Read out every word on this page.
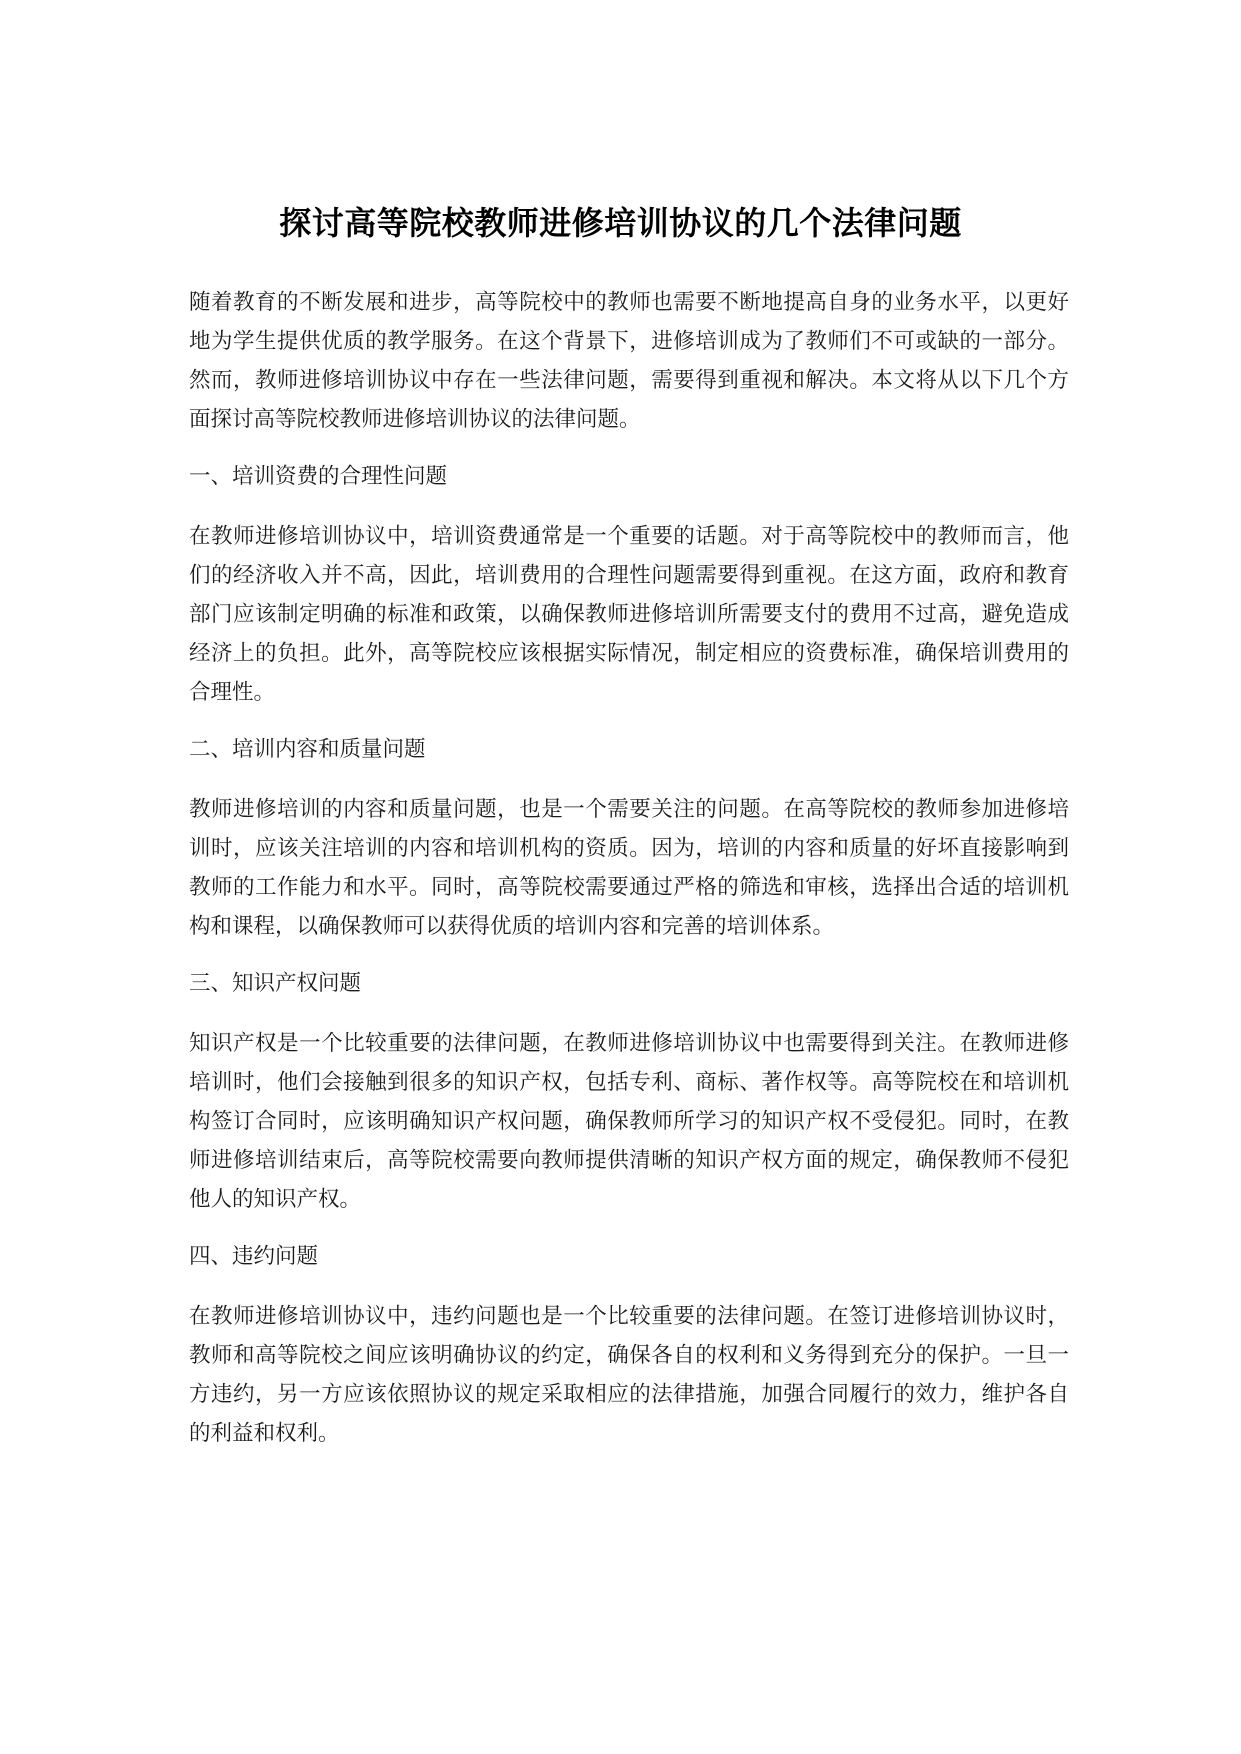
探讨高等院校教师进修培训协议的几个法律问题

随着教育的不断发展和进步，高等院校中的教师也需要不断地提高自身的业务水平，以更好地为学生提供优质的教学服务。在这个背景下，进修培训成为了教师们不可或缺的一部分。然而，教师进修培训协议中存在一些法律问题，需要得到重视和解决。本文将从以下几个方面探讨高等院校教师进修培训协议的法律问题。

一、培训资费的合理性问题

在教师进修培训协议中，培训资费通常是一个重要的话题。对于高等院校中的教师而言，他们的经济收入并不高，因此，培训费用的合理性问题需要得到重视。在这方面，政府和教育部门应该制定明确的标准和政策，以确保教师进修培训所需要支付的费用不过高，避免造成经济上的负担。此外，高等院校应该根据实际情况，制定相应的资费标准，确保培训费用的合理性。

二、培训内容和质量问题

教师进修培训的内容和质量问题，也是一个需要关注的问题。在高等院校的教师参加进修培训时，应该关注培训的内容和培训机构的资质。因为，培训的内容和质量的好坏直接影响到教师的工作能力和水平。同时，高等院校需要通过严格的筛选和审核，选择出合适的培训机构和课程，以确保教师可以获得优质的培训内容和完善的培训体系。

三、知识产权问题

知识产权是一个比较重要的法律问题，在教师进修培训协议中也需要得到关注。在教师进修培训时，他们会接触到很多的知识产权，包括专利、商标、著作权等。高等院校在和培训机构签订合同时，应该明确知识产权问题，确保教师所学习的知识产权不受侵犯。同时，在教师进修培训结束后，高等院校需要向教师提供清晰的知识产权方面的规定，确保教师不侵犯他人的知识产权。

四、违约问题

在教师进修培训协议中，违约问题也是一个比较重要的法律问题。在签订进修培训协议时，教师和高等院校之间应该明确协议的约定，确保各自的权利和义务得到充分的保护。一旦一方违约，另一方应该依照协议的规定采取相应的法律措施，加强合同履行的效力，维护各自的利益和权利。
